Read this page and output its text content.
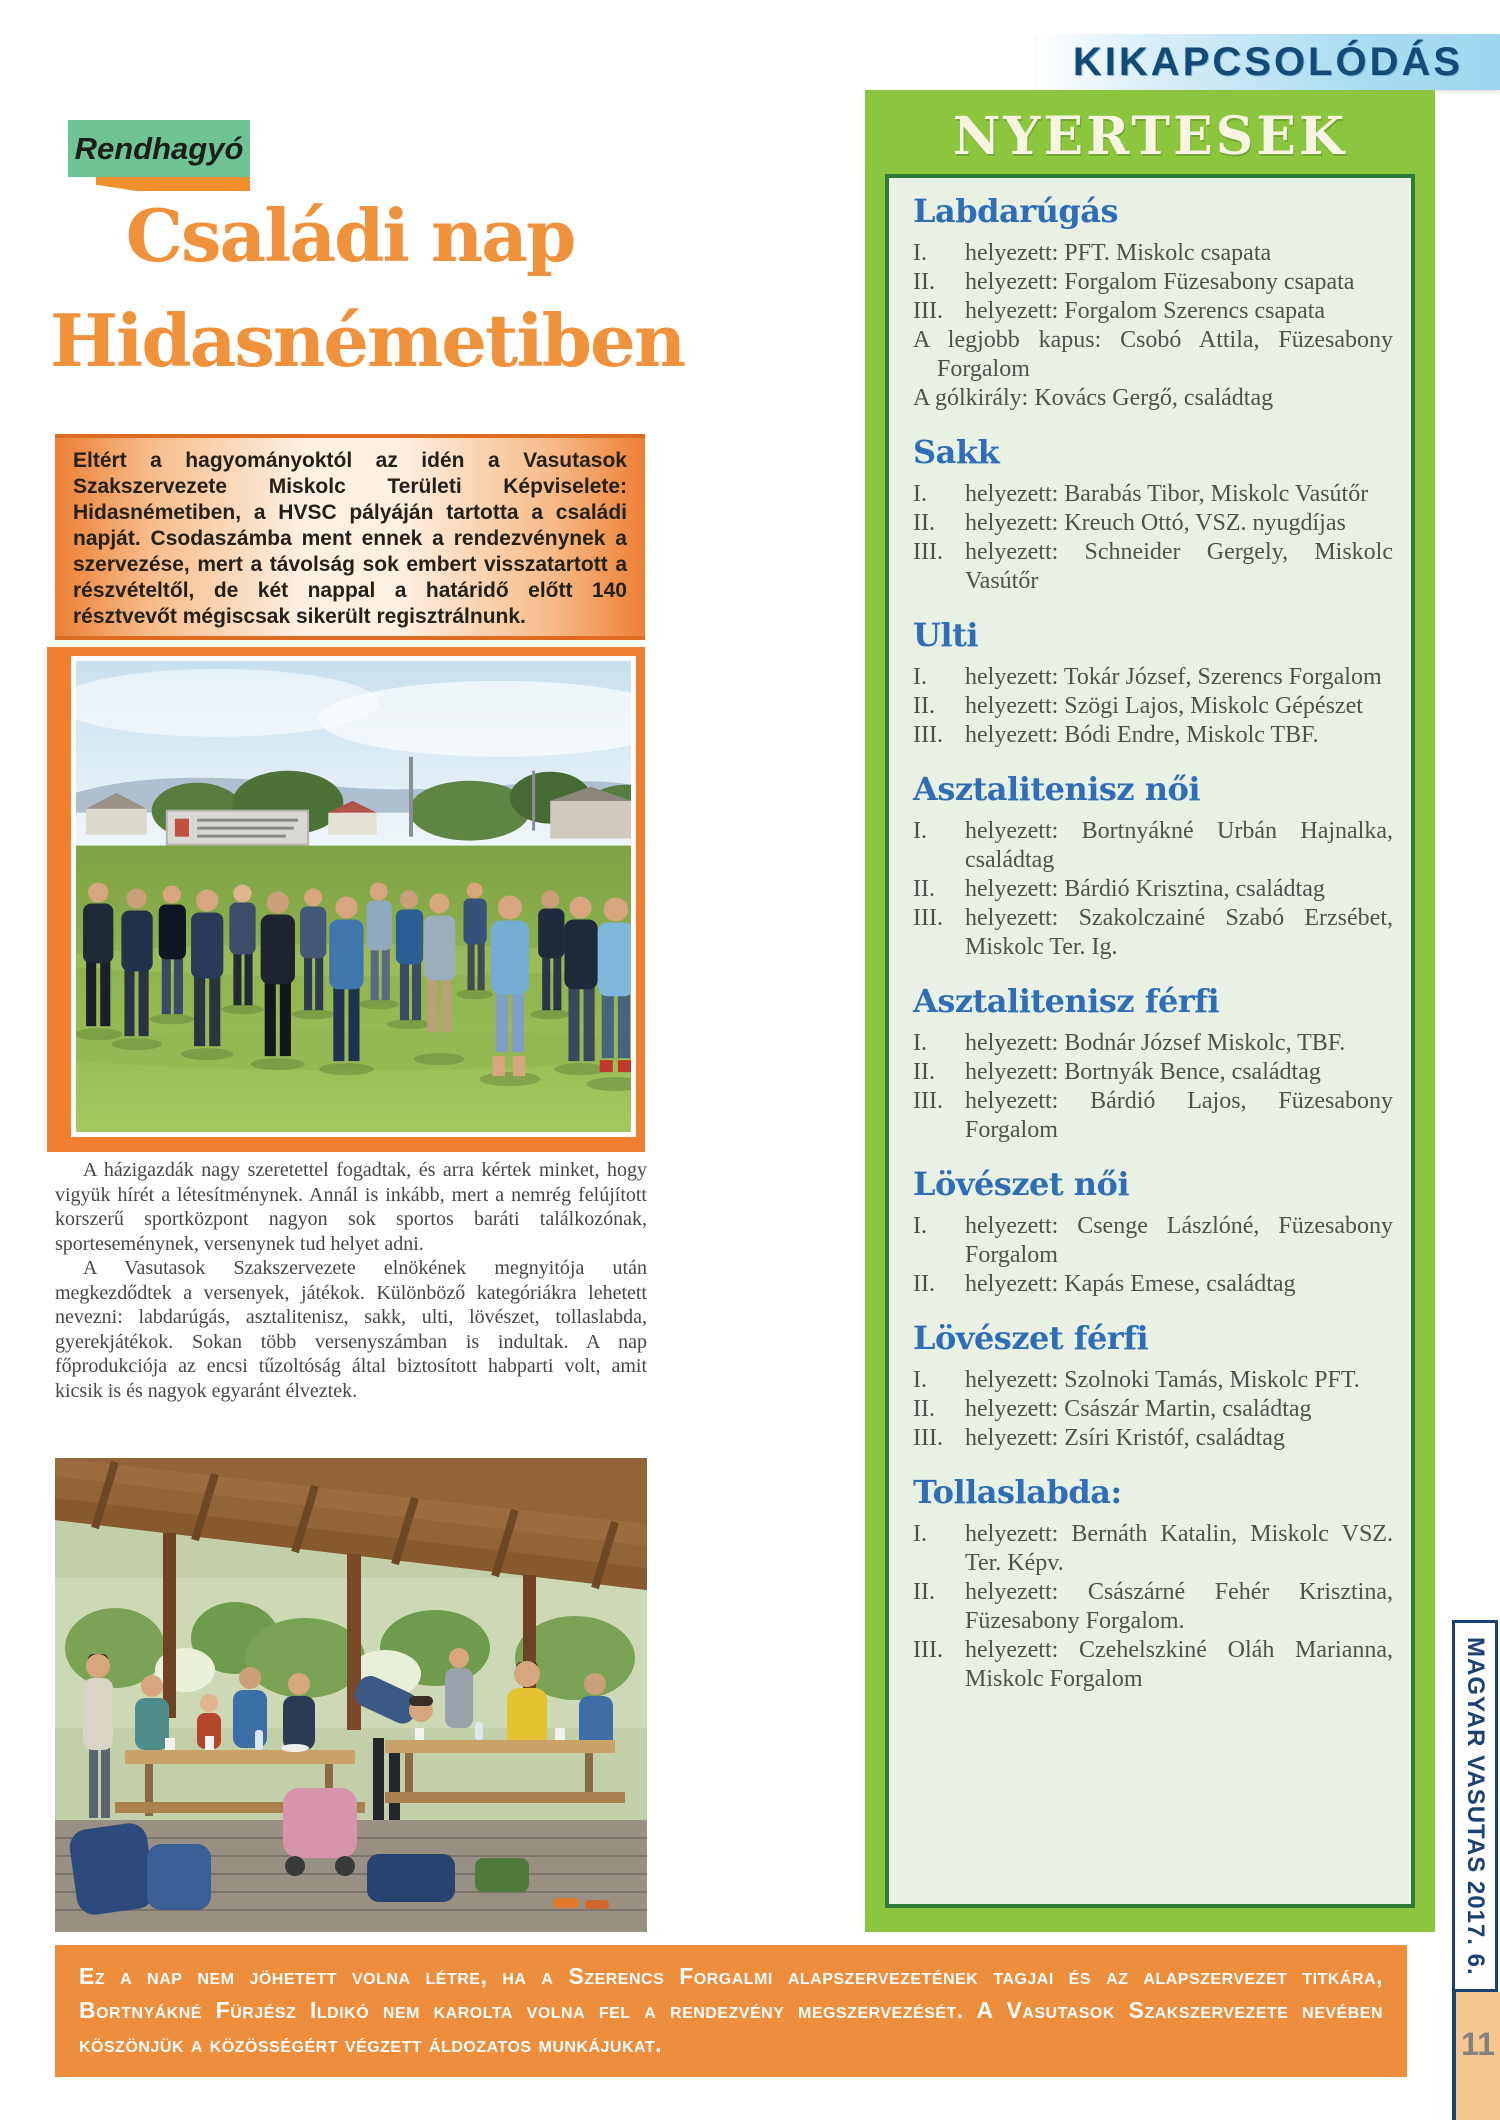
KIKAPCSOLÓDÁS
Rendhagyó
Családi nap
Hidasnémetiben
Eltért a hagyományoktól az idén a Vasutasok Szakszervezete Miskolc Területi Képviselete: Hidasnémetiben, a HVSC pályáján tartotta a családi napját. Csodaszámba ment ennek a rendezvénynek a szervezése, mert a távolság sok embert visszatartott a részvételtől, de két nappal a határidő előtt 140 résztvevőt mégiscsak sikerült regisztrálnunk.

A házigazdák nagy szeretettel fogadtak, és arra kértek minket, hogy vigyük hírét a létesítménynek. Annál is inkább, mert a nemrég felújított korszerű sportközpont nagyon sok sportos baráti találkozónak, sporteseménynek, versenynek tud helyet adni.

A Vasutasok Szakszervezete elnökének megnyitója után megkezdődtek a versenyek, játékok. Különböző kategóriákra lehetett nevezni: labdarúgás, asztalitenisz, sakk, ulti, lövészet, tollaslabda, gyerekjátékok. Sokan több versenyszámban is indultak. A nap főprodukciója az encsi tűzoltóság által biztosított habparti volt, amit kicsik is és nagyok egyaránt élveztek.

NYERTESEK
Labdarúgás
I.	helyezett: PFT. Miskolc csapata
II.	helyezett: Forgalom Füzesabony csapata
III. helyezett: Forgalom Szerencs csapata
A legjobb kapus: Csobó Attila, Füzesabony Forgalom
A gólkirály: Kovács Gergő, családtag
Sakk
I.	helyezett: Barabás Tibor, Miskolc Vasútőr
II.	helyezett: Kreuch Ottó, VSZ. nyugdíjas
III. helyezett: Schneider Gergely, Miskolc Vasútőr
Ulti
I.	helyezett: Tokár József, Szerencs Forgalom
II.	helyezett: Szögi Lajos, Miskolc Gépészet
III. helyezett: Bódi Endre, Miskolc TBF.
Asztalitenisz női
I.	helyezett: Bortnyákné Urbán Hajnalka, családtag
II.	helyezett: Bárdió Krisztina, családtag
III. helyezett: Szakolczainé Szabó Erzsébet, Miskolc Ter. Ig.
Asztalitenisz férfi
I.	helyezett: Bodnár József Miskolc, TBF.
II.	helyezett: Bortnyák Bence, családtag
III. helyezett: Bárdió Lajos, Füzesabony Forgalom
Lövészet női
I.	helyezett: Csenge Lászlóné, Füzesabony Forgalom
II.	helyezett: Kapás Emese, családtag
Lövészet férfi
I.	helyezett: Szolnoki Tamás, Miskolc PFT.
II.	helyezett: Császár Martin, családtag
III. helyezett: Zsíri Kristóf, családtag
Tollaslabda:
I.	helyezett: Bernáth Katalin, Miskolc VSZ. Ter. Képv.
II.	helyezett: Császárné Fehér Krisztina, Füzesabony Forgalom.
III. helyezett: Czehelszkiné Oláh Marianna, Miskolc Forgalom
Ez a nap nem jöhetett volna létre, ha a Szerencs Forgalmi alapszervezetének tagjai és az alapszervezet titkára, Bortnyákné Fürjész Ildikó nem karolta volna fel a rendezvény megszervezését. A Vasutasok Szakszervezete nevében köszönjük a közösségért végzett áldozatos munkájukat.
MAGYAR VASUTAS 2017. 6.
11
